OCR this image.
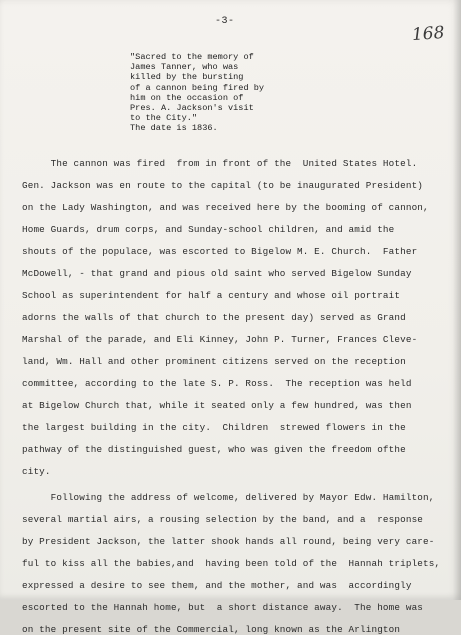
-3-
168
"Sacred to the memory of
James Tanner, who was
killed by the bursting
of a cannon being fired by
him on the occasion of
Pres. A. Jackson's visit
to the City."
The date is 1836.
The cannon was fired  from in front of the  United States Hotel.
Gen. Jackson was en route to the capital (to be inaugurated President)
on the Lady Washington, and was received here by the booming of cannon,
Home Guards, drum corps, and Sunday-school children, and amid the
shouts of the populace, was escorted to Bigelow M. E. Church.  Father
McDowell, - that grand and pious old saint who served Bigelow Sunday
School as superintendent for half a century and whose oil portrait
adorns the walls of that church to the present day) served as Grand
Marshal of the parade, and Eli Kinney, John P. Turner, Frances Cleve-
land, Wm. Hall and other prominent citizens served on the reception
committee, according to the late S. P. Ross.  The reception was held
at Bigelow Church that, while it seated only a few hundred, was then
the largest building in the city.  Children  strewed flowers in the
pathway of the distinguished guest, who was given the freedom ofthe
city.
Following the address of welcome, delivered by Mayor Edw. Hamilton,
several martial airs, a rousing selection by the band, and a  response
by President Jackson, the latter shook hands all round, being very care-
ful to kiss all the babies,and  having been told of the  Hannah triplets,
expressed a desire to see them, and the mother, and was  accordingly
escorted to the Hannah home, but  a short distance away.  The home was
on the present site of the Commercial, long known as the Arlington
